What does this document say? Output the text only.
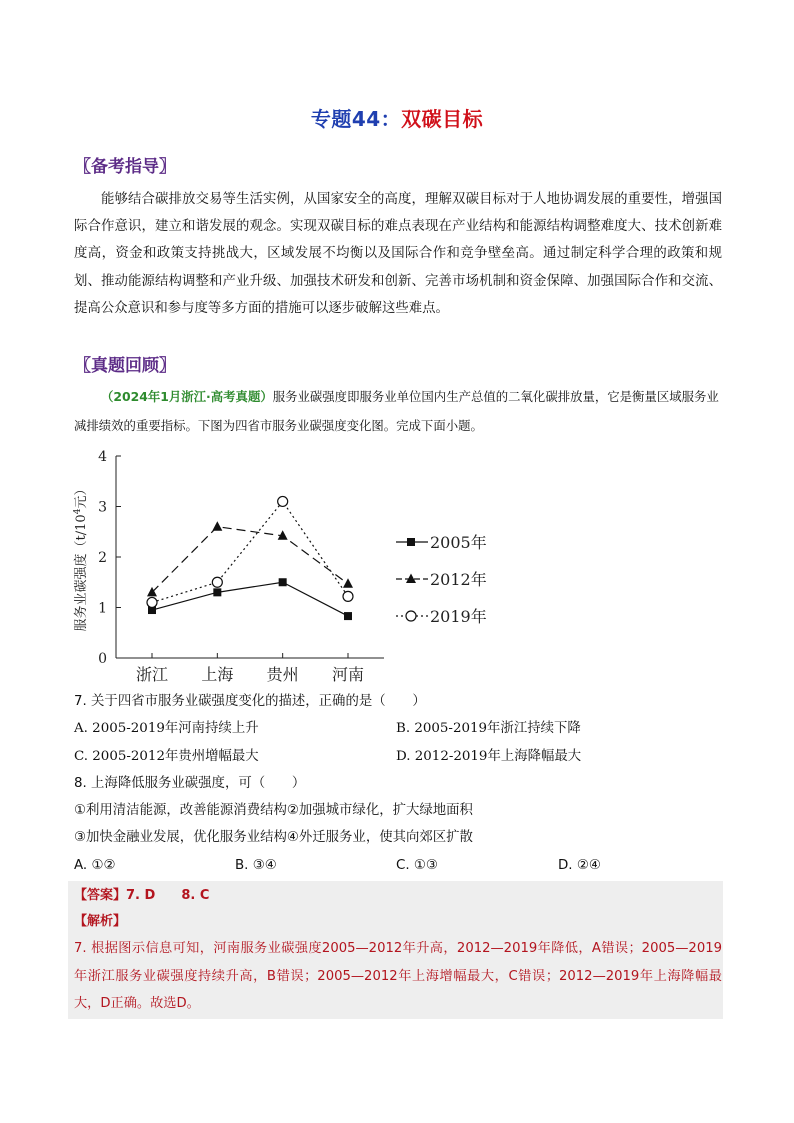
专题44：双碳目标
〖备考指导〗

能够结合碳排放交易等生活实例，从国家安全的高度，理解双碳目标对于人地协调发展的重要性，增强国际合作意识，建立和谐发展的观念。实现双碳目标的难点表现在产业结构和能源结构调整难度大、技术创新难度高，资金和政策支持挑战大，区域发展不均衡以及国际合作和竞争壁垒高。通过制定科学合理的政策和规划、推动能源结构调整和产业升级、加强技术研发和创新、完善市场机制和资金保障、加强国际合作和交流、提高公众意识和参与度等多方面的措施可以逐步破解这些难点。

〖真题回顾〗

（2024年1月浙江·高考真题）服务业碳强度即服务业单位国内生产总值的二氧化碳排放量，它是衡量区域服务业减排绩效的重要指标。下图为四省市服务业碳强度变化图。完成下面小题。

0
1
2
3
4
浙江 上海 贵州 河南
服务业碳强度（$t/10^4$元）
2005年
2012年
2019年
7. 关于四省市服务业碳强度变化的描述，正确的是（　　）
A. 2005-2019年河南持续上升	B. 2005-2019年浙江持续下降
C. 2005-2012年贵州增幅最大	D. 2012-2019年上海降幅最大
8. 上海降低服务业碳强度，可（　　）
①利用清洁能源，改善能源消费结构②加强城市绿化，扩大绿地面积
③加快金融业发展，优化服务业结构④外迁服务业，使其向郊区扩散
A. ①②	B. ③④	C. ①③	D. ②④
【答案】7. D 8. C
【解析】

7. 根据图示信息可知，河南服务业碳强度2005—2012年升高，2012—2019年降低，A错误；2005—2019年浙江服务业碳强度持续升高，B错误；2005—2012年上海增幅最大，C错误；2012—2019年上海降幅最大，D正确。故选D。
